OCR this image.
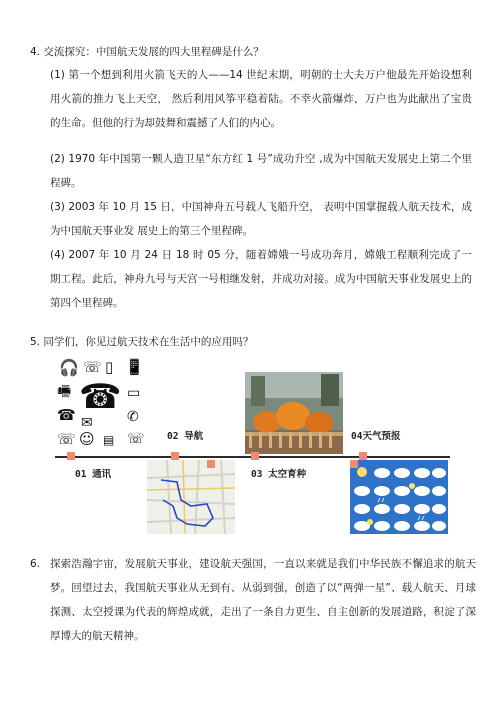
4. 交流探究：中国航天发展的四大里程碑是什么？
(1) 第一个想到利用火箭飞天的人——14 世纪末期，明朝的士大夫万户他最先开始设想利用火箭的推力飞上天空， 然后利用风筝平稳着陆。不幸火箭爆炸，万户也为此献出了宝贵的生命。但他的行为却鼓舞和震撼了人们的内心。
(2) 1970 年中国第一颗人造卫星“东方红 1 号”成功升空 ,成为中国航天发展史上第二个里程碑。
(3) 2003 年 10 月 15 日，中国神舟五号载人飞船升空， 表明中国掌握载人航天技术，成为中国航天事业发 展史上的第三个里程碑。
(4) 2007 年 10 月 24 日 18 时 05 分，随着嫦娥一号成功奔月，嫦娥工程顺利完成了一期工程。此后，神舟九号与天宫一号相继发射，并成功对接。成为中国航天事业发展史上的第四个里程碑。
5. 同学们，你见过航天技术在生活中的应用吗？
🎧 ☏ ▯ 📱
🖷 ☎ ▭
☎ ✉ ✆
☏ ☺ ▤ ☏
01 通讯
02 导航
03 太空育种
04天气预报
6. 探索浩瀚宇宙，发展航天事业，建设航天强国，一直以来就是我们中华民族不懈追求的航天梦。回望过去，我国航天事业从无到有、从弱到强，创造了以“两弹一星”、载人航天、月球探测、太空授课为代表的辉煌成就，走出了一条自力更生、自主创新的发展道路，积淀了深厚博大的航天精神。
